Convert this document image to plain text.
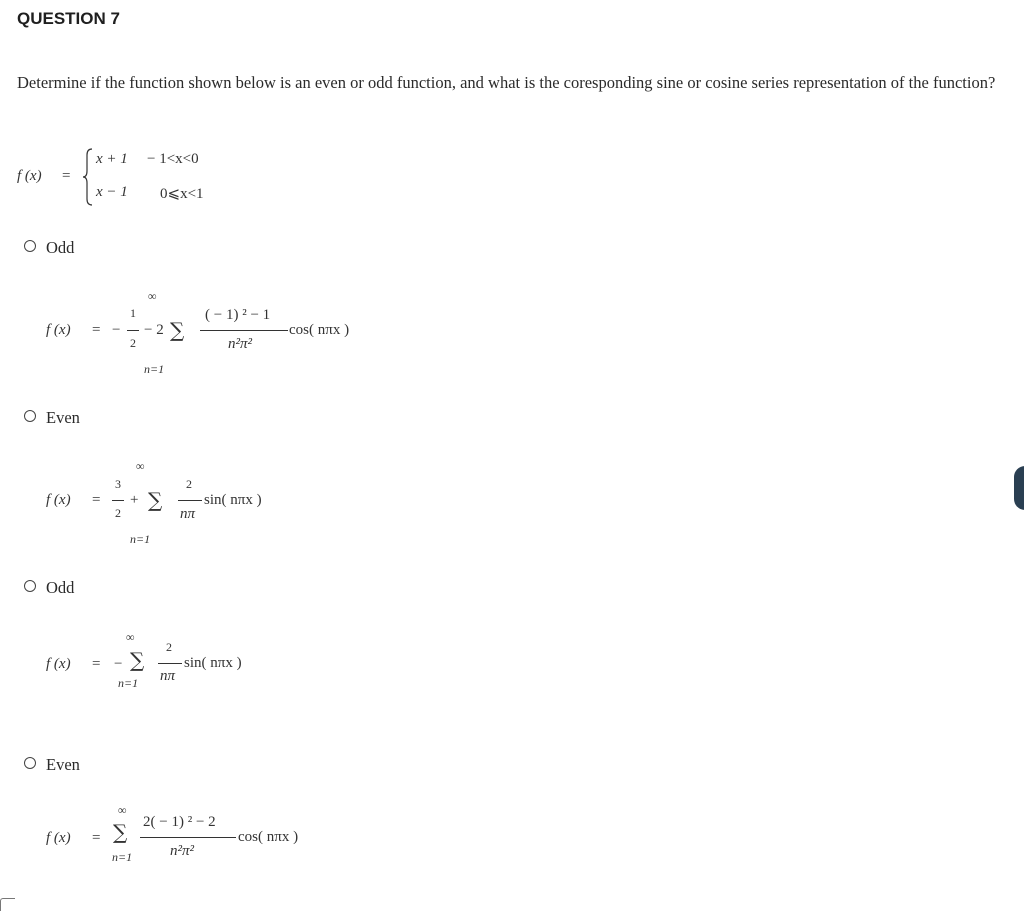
QUESTION 7
Determine if the function shown below is an even or odd function, and what is the coresponding sine or cosine series representation of the function?
f (x) =
x + 1 − 1<x<0
x − 1 0⩽x<1
Odd
f (x) = −
1
2
− 2
∞
∑
n=1
( − 1) ² − 1
n²π²
cos( nπx )
Even
f (x) =
3
2
+
∞
∑
n=1
2
nπ
sin( nπx )
Odd
f (x) = −
∞
∑
n=1
2
nπ
sin( nπx )
Even
f (x) =
∞
∑
n=1
2( − 1) ² − 2
n²π²
cos( nπx )
